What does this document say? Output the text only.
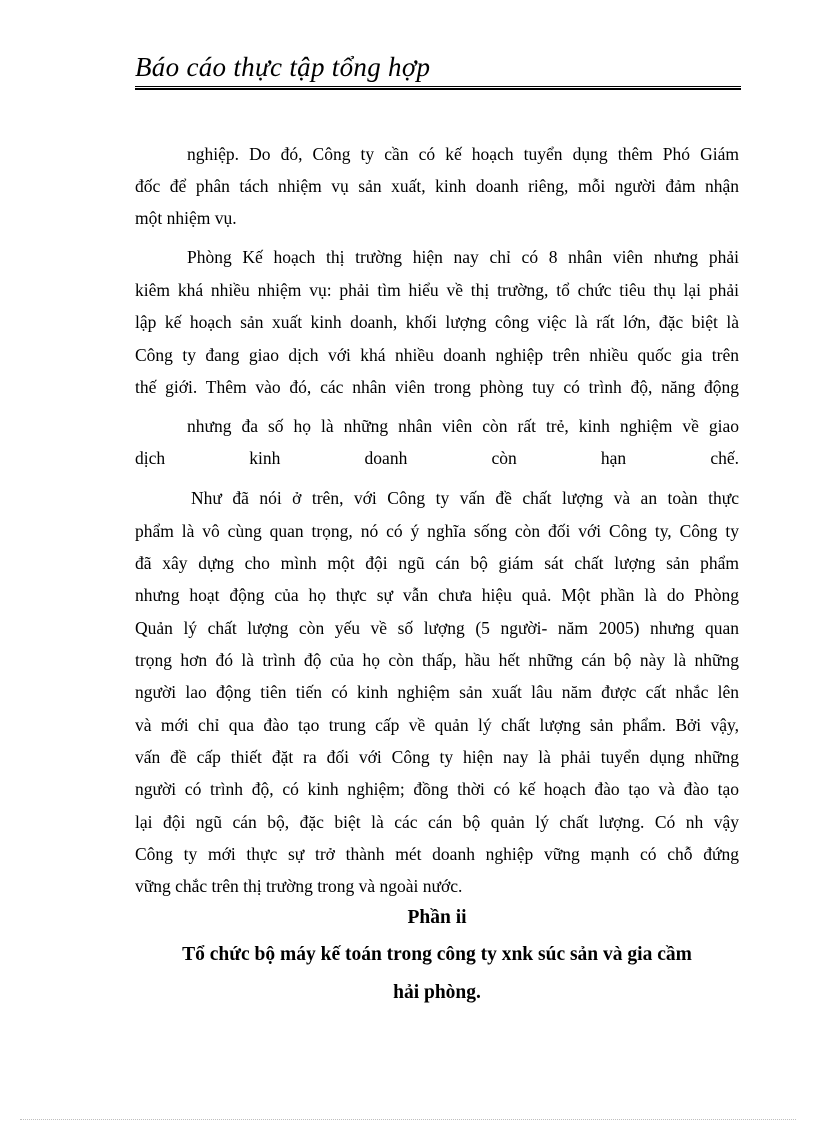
Báo cáo thực tập tổng hợp
nghiệp. Do đó, Công ty cần có kế hoạch tuyển dụng thêm Phó Giám
đốc để phân tách nhiệm vụ sản xuất, kinh doanh riêng, mỗi người đảm nhận
một nhiệm vụ.
Phòng Kế hoạch thị trường hiện nay chỉ có 8 nhân viên nhưng phải
kiêm khá nhiều nhiệm vụ: phải tìm hiểu về thị trường, tổ chức tiêu thụ lại phải
lập kế hoạch sản xuất kinh doanh, khối lượng công việc là rất lớn, đặc biệt là
Công ty đang giao dịch với khá nhiều doanh nghiệp trên nhiều quốc gia trên
thế giới. Thêm vào đó, các nhân viên trong phòng tuy có trình độ, năng động
nhưng đa số họ là những nhân viên còn rất trẻ, kinh nghiệm về giao
dịch kinh doanh còn hạn chế.
Như đã nói ở trên, với Công ty vấn đề chất lượng và an toàn thực
phẩm là vô cùng quan trọng, nó có ý nghĩa sống còn đối với Công ty, Công ty
đã xây dựng cho mình một đội ngũ cán bộ giám sát chất lượng sản phẩm
nhưng hoạt động của họ thực sự vẫn chưa hiệu quả. Một phần là do Phòng
Quản lý chất lượng còn yếu về số lượng (5 người- năm 2005) nhưng quan
trọng hơn đó là trình độ của họ còn thấp, hầu hết những cán bộ này là những
người lao động tiên tiến có kinh nghiệm sản xuất lâu năm được cất nhắc lên
và mới chỉ qua đào tạo trung cấp về quản lý chất lượng sản phẩm. Bởi vậy,
vấn đề cấp thiết đặt ra đối với Công ty hiện nay là phải tuyển dụng những
người có trình độ, có kinh nghiệm; đồng thời có kế hoạch đào tạo và đào tạo
lại đội ngũ cán bộ, đặc biệt là các cán bộ quản lý chất lượng. Có nh vậy
Công ty mới thực sự trở thành mét doanh nghiệp vững mạnh có chỗ đứng
vững chắc trên thị trường trong và ngoài nước.
Phần ii
Tổ chức bộ máy kế toán trong công ty xnk súc sản và gia cầm
hải phòng.
